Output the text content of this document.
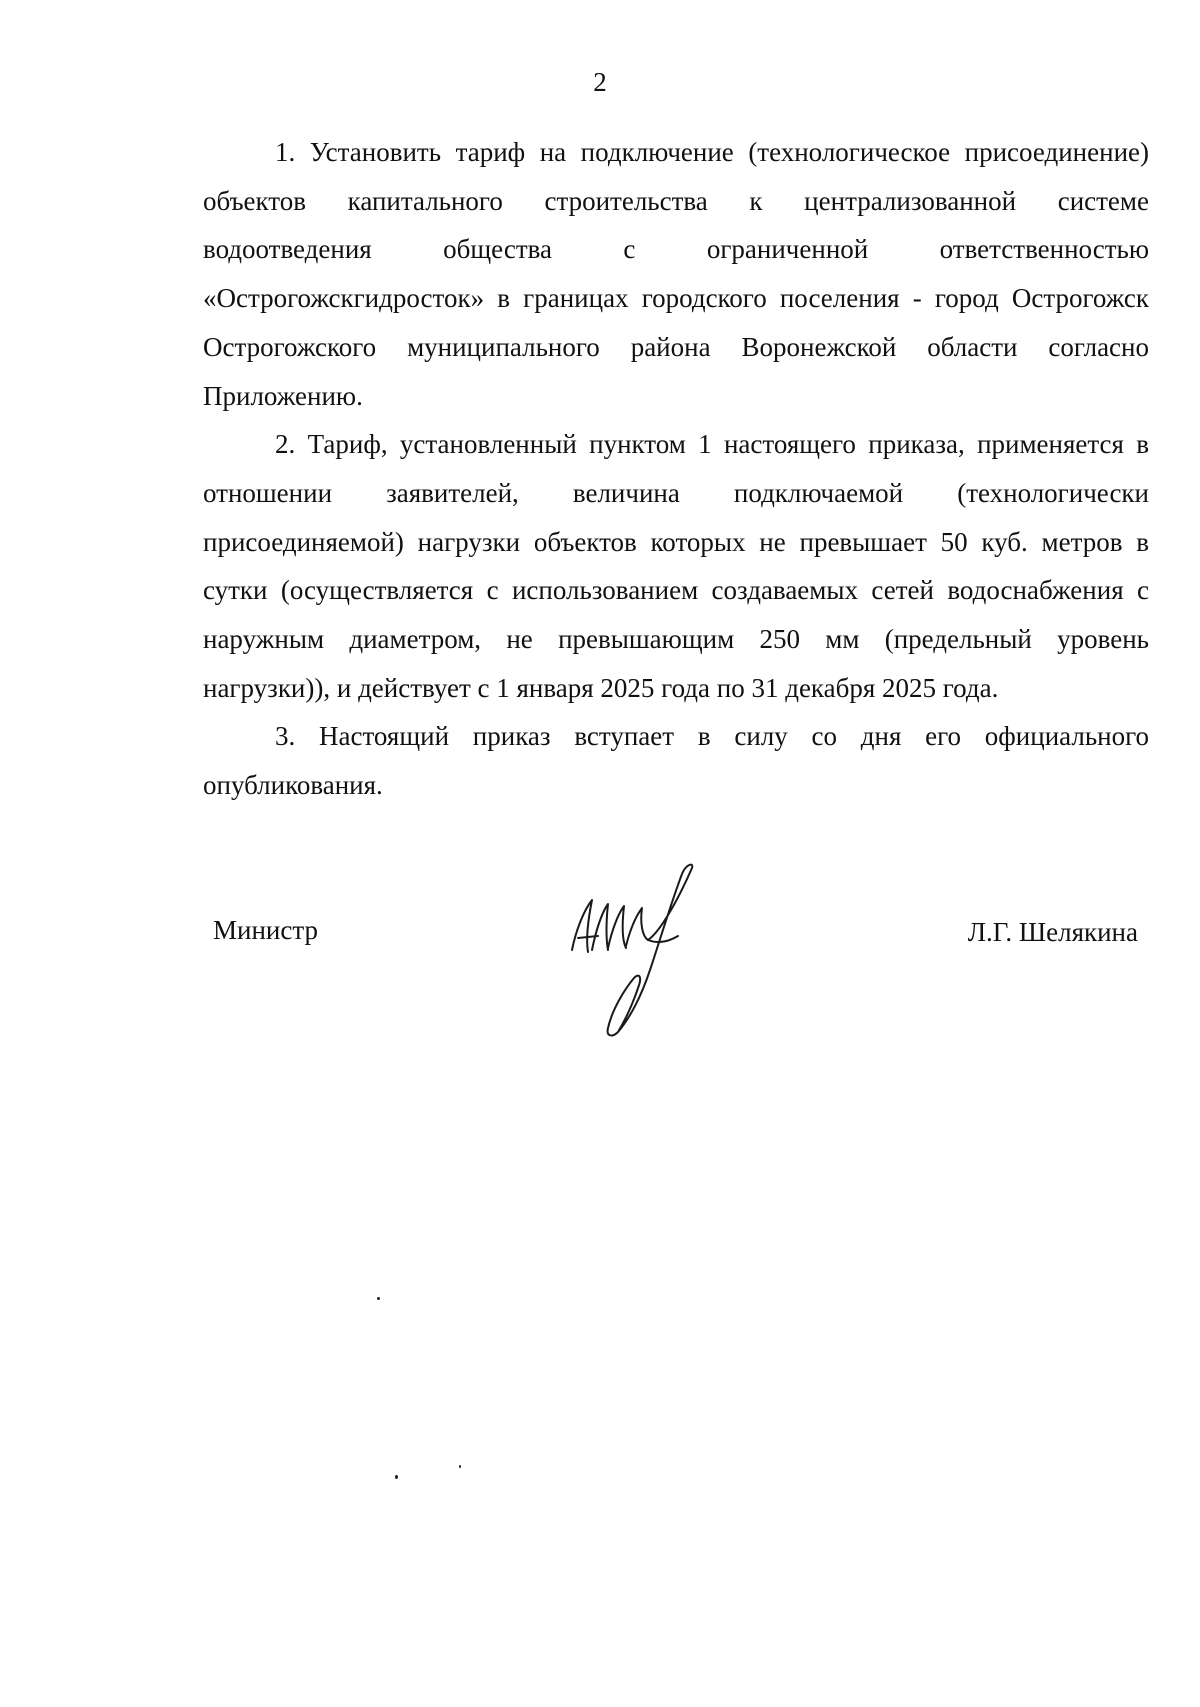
2

1. Установить тариф на подключение (технологическое присоединение) объектов капитального строительства к централизованной системе водоотведения общества с ограниченной ответственностью «Острогожскгидросток» в границах городского поселения - город Острогожск Острогожского муниципального района Воронежской области согласно Приложению.

2. Тариф, установленный пунктом 1 настоящего приказа, применяется в отношении заявителей, величина подключаемой (технологически присоединяемой) нагрузки объектов которых не превышает 50 куб. метров в сутки (осуществляется с использованием создаваемых сетей водоснабжения с наружным диаметром, не превышающим 250 мм (предельный уровень нагрузки)), и действует с 1 января 2025 года по 31 декабря 2025 года.

3. Настоящий приказ вступает в силу со дня его официального опубликования.

Министр	Л.Г. Шелякина
